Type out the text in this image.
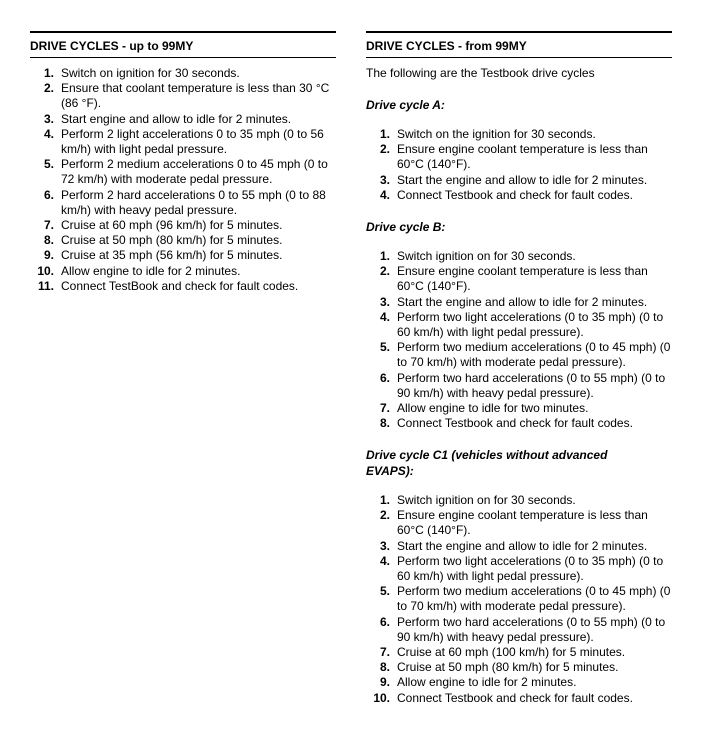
DRIVE CYCLES - up to 99MY
1. Switch on ignition for 30 seconds.
2. Ensure that coolant temperature is less than 30 °C (86 °F).
3. Start engine and allow to idle for 2 minutes.
4. Perform 2 light accelerations 0 to 35 mph (0 to 56 km/h) with light pedal pressure.
5. Perform 2 medium accelerations 0 to 45 mph (0 to 72 km/h) with moderate pedal pressure.
6. Perform 2 hard accelerations 0 to 55 mph (0 to 88 km/h) with heavy pedal pressure.
7. Cruise at 60 mph (96 km/h) for 5 minutes.
8. Cruise at 50 mph (80 km/h) for 5 minutes.
9. Cruise at 35 mph (56 km/h) for 5 minutes.
10. Allow engine to idle for 2 minutes.
11. Connect TestBook and check for fault codes.
DRIVE CYCLES - from 99MY
The following are the Testbook drive cycles
Drive cycle A:
1. Switch on the ignition for 30 seconds.
2. Ensure engine coolant temperature is less than 60°C (140°F).
3. Start the engine and allow to idle for 2 minutes.
4. Connect Testbook and check for fault codes.
Drive cycle B:
1. Switch ignition on for 30 seconds.
2. Ensure engine coolant temperature is less than 60°C (140°F).
3. Start the engine and allow to idle for 2 minutes.
4. Perform two light accelerations (0 to 35 mph) (0 to 60 km/h) with light pedal pressure).
5. Perform two medium accelerations (0 to 45 mph) (0 to 70 km/h) with moderate pedal pressure).
6. Perform two hard accelerations (0 to 55 mph) (0 to 90 km/h) with heavy pedal pressure).
7. Allow engine to idle for two minutes.
8. Connect Testbook and check for fault codes.
Drive cycle C1 (vehicles without advanced EVAPS):
1. Switch ignition on for 30 seconds.
2. Ensure engine coolant temperature is less than 60°C (140°F).
3. Start the engine and allow to idle for 2 minutes.
4. Perform two light accelerations (0 to 35 mph) (0 to 60 km/h) with light pedal pressure).
5. Perform two medium accelerations (0 to 45 mph) (0 to 70 km/h) with moderate pedal pressure).
6. Perform two hard accelerations (0 to 55 mph) (0 to 90 km/h) with heavy pedal pressure).
7. Cruise at 60 mph (100 km/h) for 5 minutes.
8. Cruise at 50 mph (80 km/h) for 5 minutes.
9. Allow engine to idle for 2 minutes.
10. Connect Testbook and check for fault codes.
